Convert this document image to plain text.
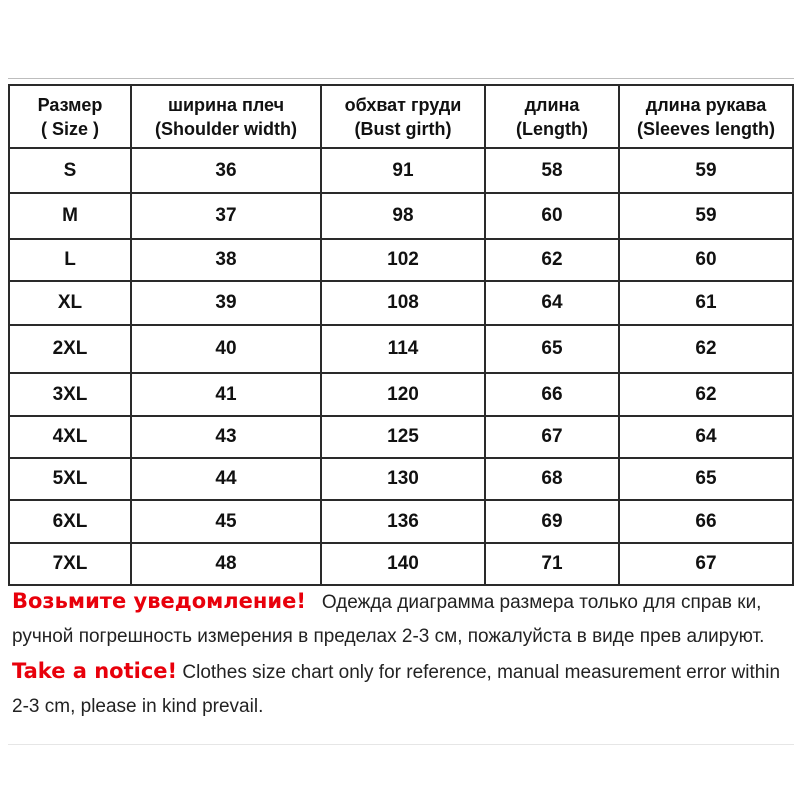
Размер
( Size )	ширина плеч
(Shoulder width)	обхват груди
(Bust girth)	длина
(Length)	длина рукава
(Sleeves length)

S	36	91	58	59
M	37	98	60	59
L	38	102	62	60
XL	39	108	64	61
2XL	40	114	65	62
3XL	41	120	66	62
4XL	43	125	67	64
5XL	44	130	68	65
6XL	45	136	69	66
7XL	48	140	71	67

Возьмите уведомление! Одежда диаграмма размера только для справ ки, ручной погрешность измерения в пределах 2-3 см, пожалуйста в виде прев алируют.

Take a notice! Clothes size chart only for reference, manual measurement error within 2-3 cm, please in kind prevail.
